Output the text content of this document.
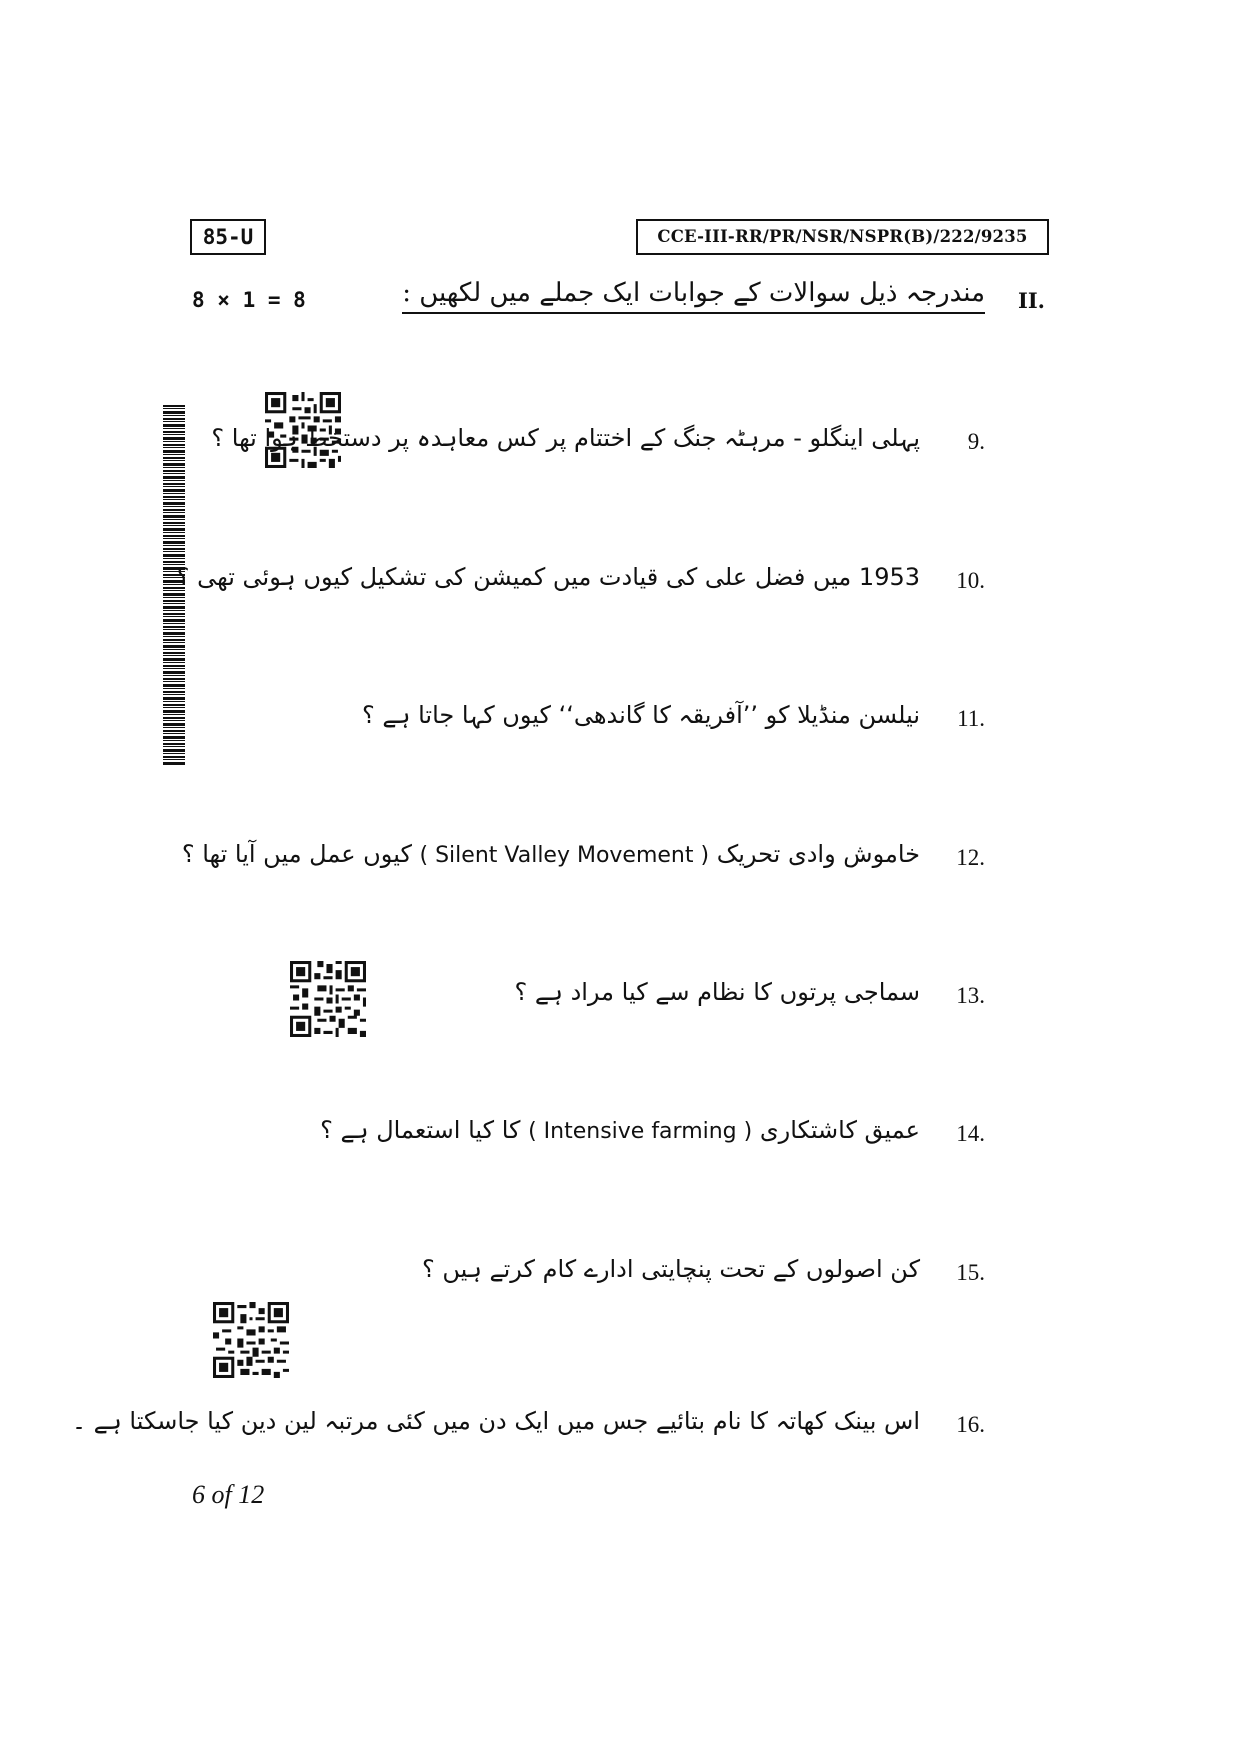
85-U	CCE-III-RR/PR/NSR/NSPR(B)/222/9235
8 × 1 = 8	II.
مندرجہ ذیل سوالات کے جوابات ایک جملے میں لکھیں :
9.
پہلی اینگلو - مرہٹہ جنگ کے اختتام پر کس معاہدہ پر دستخط ہوا تھا ؟
10.
1953 میں فضل علی کی قیادت میں کمیشن کی تشکیل کیوں ہوئی تھی ؟
11.
نیلسن منڈیلا کو ’’آفریقہ کا گاندھی‘‘ کیوں کہا جاتا ہے ؟
12.
خاموش وادی تحریک ( Silent Valley Movement ) کیوں عمل میں آیا تھا ؟
13.
سماجی پرتوں کا نظام سے کیا مراد ہے ؟
14.
عمیق کاشتکاری ( Intensive farming ) کا کیا استعمال ہے ؟
15.
کن اصولوں کے تحت پنچایتی ادارے کام کرتے ہیں ؟
16.
اس بینک کھاتہ کا نام بتائیے جس میں ایک دن میں کئی مرتبہ لین دین کیا جاسکتا ہے ۔
6 of 12
